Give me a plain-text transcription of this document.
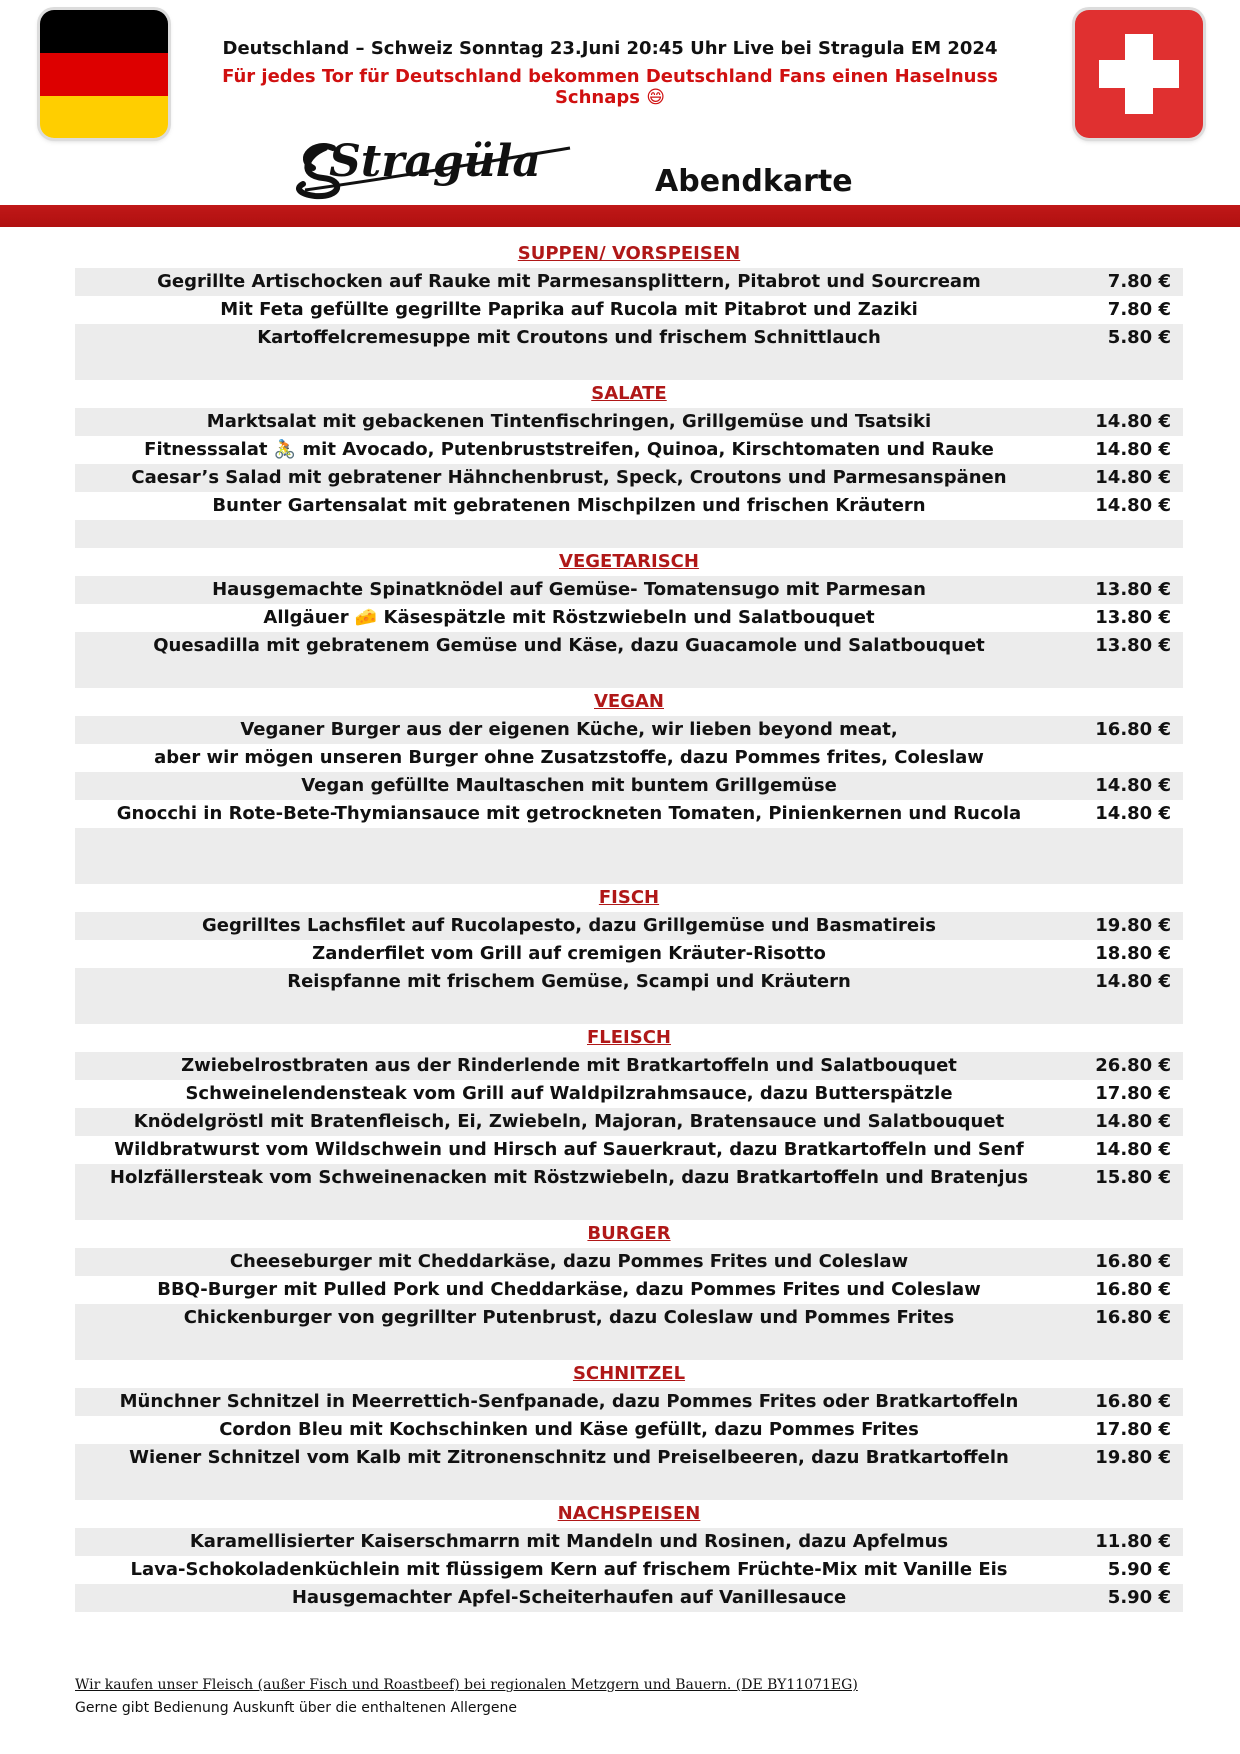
Deutschland – Schweiz Sonntag 23.Juni 20:45 Uhr Live bei Stragula EM 2024
Für jedes Tor für Deutschland bekommen Deutschland Fans einen Haselnuss Schnaps 😄
Stragüla	Abendkarte
SUPPEN/ VORSPEISEN
Gegrillte Artischocken auf Rauke mit Parmesansplittern, Pitabrot und Sourcream	7.80 €
Mit Feta gefüllte gegrillte Paprika auf Rucola mit Pitabrot und Zaziki	7.80 €
Kartoffelcremesuppe mit Croutons und frischem Schnittlauch	5.80 €
SALATE
Marktsalat mit gebackenen Tintenfischringen, Grillgemüse und Tsatsiki	14.80 €
Fitnesssalat 🚴 mit Avocado, Putenbruststreifen, Quinoa, Kirschtomaten und Rauke	14.80 €
Caesar’s Salad mit gebratener Hähnchenbrust, Speck, Croutons und Parmesanspänen	14.80 €
Bunter Gartensalat mit gebratenen Mischpilzen und frischen Kräutern	14.80 €
VEGETARISCH
Hausgemachte Spinatknödel auf Gemüse- Tomatensugo mit Parmesan	13.80 €
Allgäuer 🧀 Käsespätzle mit Röstzwiebeln und Salatbouquet	13.80 €
Quesadilla mit gebratenem Gemüse und Käse, dazu Guacamole und Salatbouquet	13.80 €
VEGAN
Veganer Burger aus der eigenen Küche, wir lieben beyond meat,	16.80 €
aber wir mögen unseren Burger ohne Zusatzstoffe, dazu Pommes frites, Coleslaw
Vegan gefüllte Maultaschen mit buntem Grillgemüse	14.80 €
Gnocchi in Rote-Bete-Thymiansauce mit getrockneten Tomaten, Pinienkernen und Rucola	14.80 €
FISCH
Gegrilltes Lachsfilet auf Rucolapesto, dazu Grillgemüse und Basmatireis	19.80 €
Zanderfilet vom Grill auf cremigen Kräuter-Risotto	18.80 €
Reispfanne mit frischem Gemüse, Scampi und Kräutern	14.80 €
FLEISCH
Zwiebelrostbraten aus der Rinderlende mit Bratkartoffeln und Salatbouquet	26.80 €
Schweinelendensteak vom Grill auf Waldpilzrahmsauce, dazu Butterspätzle	17.80 €
Knödelgröstl mit Bratenfleisch, Ei, Zwiebeln, Majoran, Bratensauce und Salatbouquet	14.80 €
Wildbratwurst vom Wildschwein und Hirsch auf Sauerkraut, dazu Bratkartoffeln und Senf	14.80 €
Holzfällersteak vom Schweinenacken mit Röstzwiebeln, dazu Bratkartoffeln und Bratenjus	15.80 €
BURGER
Cheeseburger mit Cheddarkäse, dazu Pommes Frites und Coleslaw	16.80 €
BBQ-Burger mit Pulled Pork und Cheddarkäse, dazu Pommes Frites und Coleslaw	16.80 €
Chickenburger von gegrillter Putenbrust, dazu Coleslaw und Pommes Frites	16.80 €
SCHNITZEL
Münchner Schnitzel in Meerrettich-Senfpanade, dazu Pommes Frites oder Bratkartoffeln	16.80 €
Cordon Bleu mit Kochschinken und Käse gefüllt, dazu Pommes Frites	17.80 €
Wiener Schnitzel vom Kalb mit Zitronenschnitz und Preiselbeeren, dazu Bratkartoffeln	19.80 €
NACHSPEISEN
Karamellisierter Kaiserschmarrn mit Mandeln und Rosinen, dazu Apfelmus	11.80 €
Lava-Schokoladenküchlein mit flüssigem Kern auf frischem Früchte-Mix mit Vanille Eis	5.90 €
Hausgemachter Apfel-Scheiterhaufen auf Vanillesauce	5.90 €
Wir kaufen unser Fleisch (außer Fisch und Roastbeef) bei regionalen Metzgern und Bauern. (DE BY11071EG)
Gerne gibt Bedienung Auskunft über die enthaltenen Allergene
